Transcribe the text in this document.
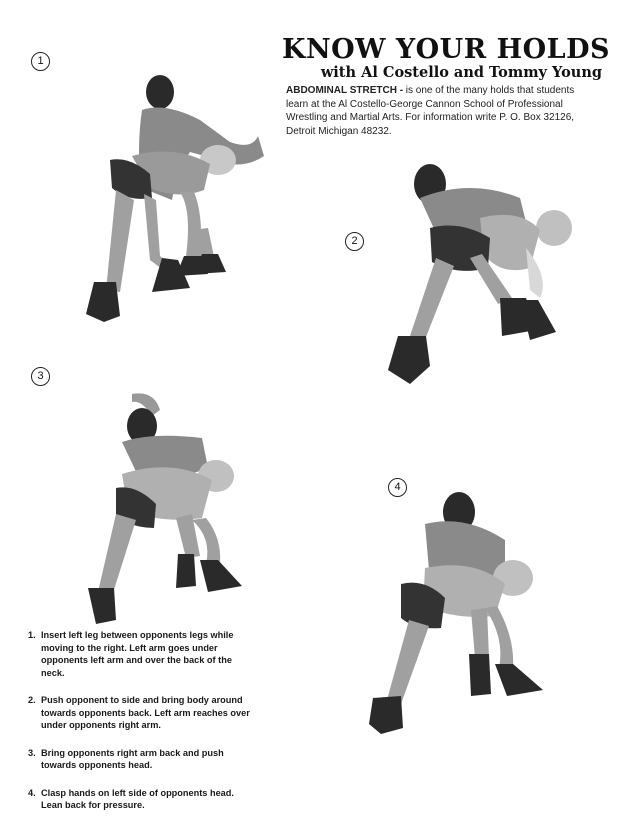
KNOW YOUR HOLDS
with Al Costello and Tommy Young
ABDOMINAL STRETCH - is one of the many holds that students learn at the Al Costello-George Cannon School of Professional Wrestling and Martial Arts. For information write P. O. Box 32126, Detroit Michigan 48232.
1
2
3
4
1. Insert left leg between opponents legs while moving to the right. Left arm goes under opponents left arm and over the back of the neck.
2. Push opponent to side and bring body around towards opponents back. Left arm reaches over under opponents right arm.
3. Bring opponents right arm back and push towards opponents head.
4. Clasp hands on left side of opponents head. Lean back for pressure.
